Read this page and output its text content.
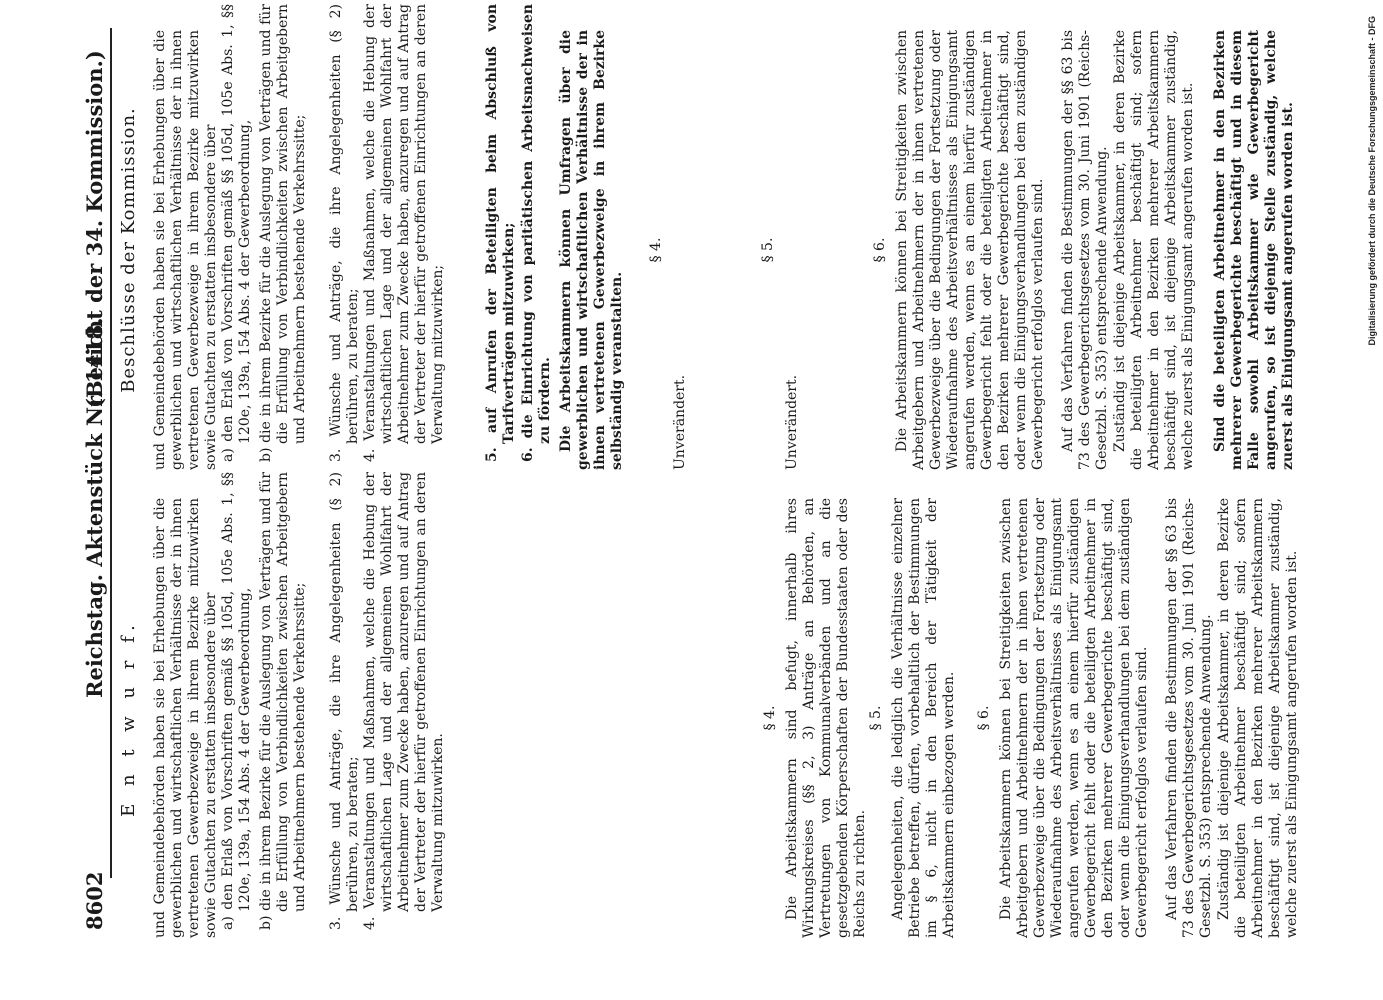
8602
Reichstag. Aktenstück Nr. 1418.
(Bericht der 34. Kommission.)
E n t w u r f. und Gemeindebehörden haben sie bei Erhebungen über die gewerblichen und wirtschaftlichen Verhältnisse der in ihnen vertretenen Gewerbezweige in ihrem Bezirke mitzuwirken sowie Gutachten zu erstatten insbesondere über a) den Erlaß von Vorschriften gemäß §§ 105d, 105e Abs. 1, §§ 120e, 139a, 154 Abs. 4 der Gewerbeordnung, b) die in ihrem Bezirke für die Auslegung von Verträgen und für die Erfüllung von Verbindlichkeiten zwischen Arbeitgebern und Arbeitnehmern bestehende Verkehrssitte; 3. Wünsche und Anträge, die ihre Angelegenheiten (§ 2) berühren, zu beraten; 4. Veranstaltungen und Maßnahmen, welche die Hebung der wirtschaftlichen Lage und der allgemeinen Wohlfahrt der Arbeitnehmer zum Zwecke haben, anzuregen und auf Antrag der Vertreter der hierfür getroffenen Einrichtungen an deren Verwaltung mitzuwirken.
§ 4. Die Arbeitskammern sind befugt, innerhalb ihres Wirkungskreises (§§ 2, 3) Anträge an Behörden, an Vertretungen von Kommunalverbänden und an die gesetzgebenden Körperschaften der Bundesstaaten oder des Reichs zu richten.
§ 5. Angelegenheiten, die lediglich die Verhältnisse einzelner Betriebe betreffen, dürfen, vorbehaltlich der Bestimmungen im § 6, nicht in den Bereich der Tätigkeit der Arbeitskammern einbezogen werden. § 6. Die Arbeitskammern können bei Streitigkeiten zwischen Arbeitgebern und Arbeitnehmern der in ihnen vertretenen Gewerbezweige über die Bedingungen der Fortsetzung oder Wiederaufnahme des Arbeitsverhältnisses als Einigungsamt angerufen werden, wenn es an einem hierfür zuständigen Gewerbegericht fehlt oder die beteiligten Arbeitnehmer in den Bezirken mehrerer Gewerbegerichte beschäftigt sind, oder wenn die Einigungsverhandlungen bei dem zuständigen Gewerbegericht erfolglos verlaufen sind. Auf das Verfahren finden die Bestimmungen der §§ 63 bis 73 des Gewerbegerichtsgesetzes vom 30. Juni 1901 (Reichs-Gesetzbl. S. 353) entsprechende Anwendung. Zuständig ist diejenige Arbeitskammer, in deren Bezirke die beteiligten Arbeitnehmer beschäftigt sind; sofern Arbeitnehmer in den Bezirken mehrerer Arbeitskammern beschäftigt sind, ist diejenige Arbeitskammer zuständig, welche zuerst als Einigungsamt angerufen worden ist.
Beschlüsse der Kommission. und Gemeindebehörden haben sie bei Erhebungen über die gewerblichen und wirtschaftlichen Verhältnisse der in ihnen vertretenen Gewerbezweige in ihrem Bezirke mitzuwirken sowie Gutachten zu erstatten insbesondere über a) den Erlaß von Vorschriften gemäß §§ 105d, 105e Abs. 1, §§ 120e, 139a, 154 Abs. 4 der Gewerbeordnung, b) die in ihrem Bezirke für die Auslegung von Verträgen und für die Erfüllung von Verbindlichkeiten zwischen Arbeitgebern und Arbeitnehmern bestehende Verkehrssitte; 3. Wünsche und Anträge, die ihre Angelegenheiten (§ 2) berühren, zu beraten; 4. Veranstaltungen und Maßnahmen, welche die Hebung der wirtschaftlichen Lage und der allgemeinen Wohlfahrt der Arbeitnehmer zum Zwecke haben, anzuregen und auf Antrag der Vertreter der hierfür getroffenen Einrichtungen an deren Verwaltung mitzuwirken;	5. auf Anrufen der Beteiligten beim Abschluß von Tarifverträgen mitzuwirken; 6. die Einrichtung von paritätischen Arbeitsnachweisen zu fördern. Die Arbeitskammern können Umfragen über die gewerblichen und wirtschaftlichen Verhältnisse der in ihnen vertretenen Gewerbezweige in ihrem Bezirke selbständig veranstalten.
§ 4.
Unverändert.
§ 5.
Unverändert.
§ 6. Die Arbeitskammern können bei Streitigkeiten zwischen Arbeitgebern und Arbeitnehmern der in ihnen vertretenen Gewerbezweige über die Bedingungen der Fortsetzung oder Wiederaufnahme des Arbeitsverhältnisses als Einigungsamt angerufen werden, wenn es an einem hierfür zuständigen Gewerbegericht fehlt oder die beteiligten Arbeitnehmer in den Bezirken mehrerer Gewerbegerichte beschäftigt sind, oder wenn die Einigungsverhandlungen bei dem zuständigen Gewerbegericht erfolglos verlaufen sind. Auf das Verfahren finden die Bestimmungen der §§ 63 bis 73 des Gewerbegerichtsgesetzes vom 30. Juni 1901 (Reichs-Gesetzbl. S. 353) entsprechende Anwendung. Zuständig ist diejenige Arbeitskammer, in deren Bezirke die beteiligten Arbeitnehmer beschäftigt sind; sofern Arbeitnehmer in den Bezirken mehrerer Arbeitskammern beschäftigt sind, ist diejenige Arbeitskammer zuständig, welche zuerst als Einigungsamt angerufen worden ist. Sind die beteiligten Arbeitnehmer in den Bezirken mehrerer Gewerbegerichte beschäftigt und in diesem Falle sowohl Arbeitskammer wie Gewerbegericht angerufen, so ist diejenige Stelle zuständig, welche zuerst als Einigungsamt angerufen worden ist.	Digitalisierung gefördert durch die Deutsche Forschungsgemeinschaft - DFG
